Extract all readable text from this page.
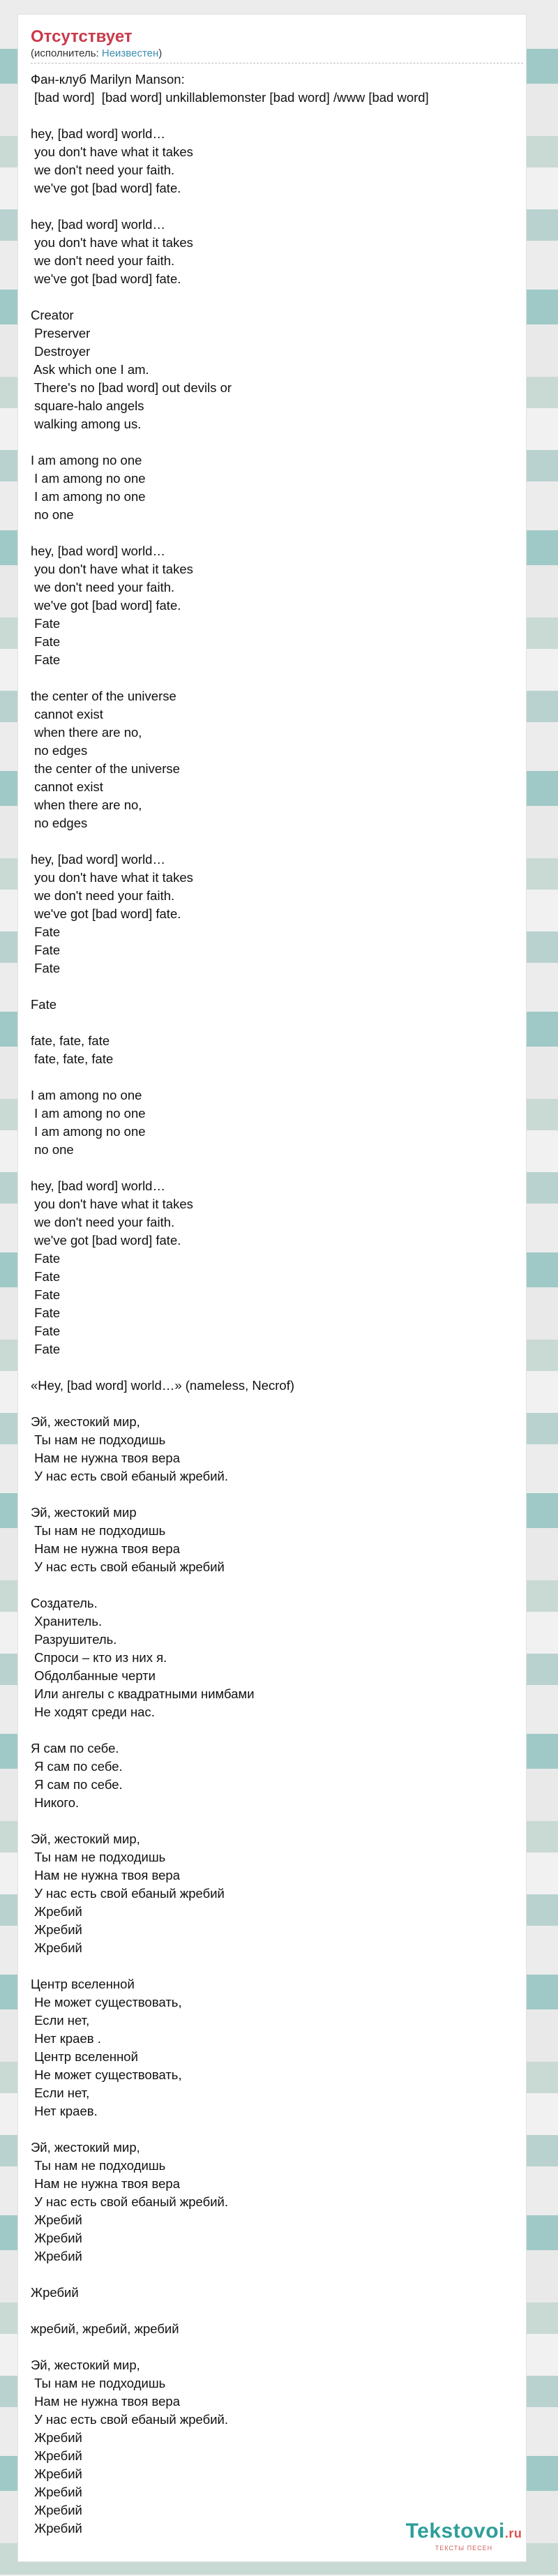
Отсутствует
(исполнитель: Неизвестен)
Фан-клуб Marilyn Manson:
[bad word]  [bad word] unkillablemonster [bad word] /www [bad word]

hey, [bad word] world…
you don't have what it takes
we don't need your faith.
we've got [bad word] fate.

hey, [bad word] world…
you don't have what it takes
we don't need your faith.
we've got [bad word] fate.

Creator
Preserver
Destroyer
Ask which one I am.
There's no [bad word] out devils or
square-halo angels
walking among us.

I am among no one
I am among no one
I am among no one
no one

hey, [bad word] world…
you don't have what it takes
we don't need your faith.
we've got [bad word] fate.
Fate
Fate
Fate

the center of the universe
cannot exist
when there are no,
no edges
the center of the universe
cannot exist
when there are no,
no edges

hey, [bad word] world…
you don't have what it takes
we don't need your faith.
we've got [bad word] fate.
Fate
Fate
Fate

Fate

fate, fate, fate
fate, fate, fate

I am among no one
I am among no one
I am among no one
no one

hey, [bad word] world…
you don't have what it takes
we don't need your faith.
we've got [bad word] fate.
Fate
Fate
Fate
Fate
Fate
Fate

«Hey, [bad word] world…» (nameless, Necrof)

Эй, жестокий мир,
Ты нам не подходишь
Нам не нужна твоя вера
У нас есть свой ебаный жребий.

Эй, жестокий мир
Ты нам не подходишь
Нам не нужна твоя вера
У нас есть свой ебаный жребий

Создатель.
Хранитель.
Разрушитель.
Спроси – кто из них я.
Обдолбанные черти
Или ангелы с квадратными нимбами
Не ходят среди нас.

Я сам по себе.
Я сам по себе.
Я сам по себе.
Никого.

Эй, жестокий мир,
Ты нам не подходишь
Нам не нужна твоя вера
У нас есть свой ебаный жребий
Жребий
Жребий
Жребий

Центр вселенной
Не может существовать,
Если нет,
Нет краев .
Центр вселенной
Не может существовать,
Если нет,
Нет краев.

Эй, жестокий мир,
Ты нам не подходишь
Нам не нужна твоя вера
У нас есть свой ебаный жребий.
Жребий
Жребий
Жребий

Жребий

жребий, жребий, жребий

Эй, жестокий мир,
Ты нам не подходишь
Нам не нужна твоя вера
У нас есть свой ебаный жребий.
Жребий
Жребий
Жребий
Жребий
Жребий
Жребий	Tekstovoi.ru
ТЕКСТЫ ПЕСЕН
